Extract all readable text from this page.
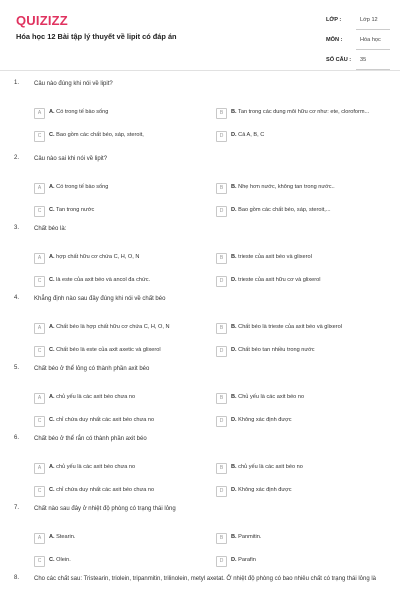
QUIZIZZ
Hóa học 12 Bài tập lý thuyết về lipit có đáp án
LỚP :	Lớp 12
MÔN :	Hóa học
SỐ CÂU : 35
1. Câu nào đúng khi nói về lipit?
A	A. Có trong tế bào sống	B	B. Tan trong các dung môi hữu cơ như: ete, cloroform...
C	C. Bao gồm các chất béo, sáp, steroit,	D	D. Cả A, B, C
2. Câu nào sai khi nói về lipit?
A	A. Có trong tế bào sống	B	B. Nhẹ hơn nước, không tan trong nước..
C	C. Tan trong nước	D	D. Bao gồm các chất béo, sáp, steroit,...
3. Chất béo là:
A	A. hợp chất hữu cơ chứa C, H, O, N	B	B. trieste của axit béo và glixerol
C	C. là este của axit béo và ancol đa chức.	D	D. trieste của axit hữu cơ và glixerol
4. Khẳng định nào sau đây đúng khi nói về chất béo
A	A. Chất béo là hợp chất hữu cơ chứa C, H, O, N	B	B. Chất béo là trieste của axit béo và glixerol
C	C. Chất béo là este của axit axetic và glixerol	D	D. Chất béo tan nhiều trong nước
5. Chất béo ở thể lỏng có thành phần axit béo
A	A. chủ yếu là các axit béo chưa no	B	B. Chủ yếu là các axit béo no
C	C. chỉ chứa duy nhất các axit béo chưa no	D	D. Không xác định được
6. Chất béo ở thể rắn có thành phần axit béo
A	A. chủ yếu là các axit béo chưa no	B	B. chủ yếu là các axit béo no
C	C. chỉ chứa duy nhất các axit béo chưa no	D	D. Không xác định được
7. Chất nào sau đây ở nhiệt độ phòng có trạng thái lỏng
A	A. Stearin.	B	B. Panmitin.
C	C. Olein.	D	D. Parafin
8. Cho các chất sau: Tristearin, triolein, tripanmitin, trilinolein, metyl axetat. Ở nhiệt độ phòng có bao nhiêu chất có trạng thái lỏng là
